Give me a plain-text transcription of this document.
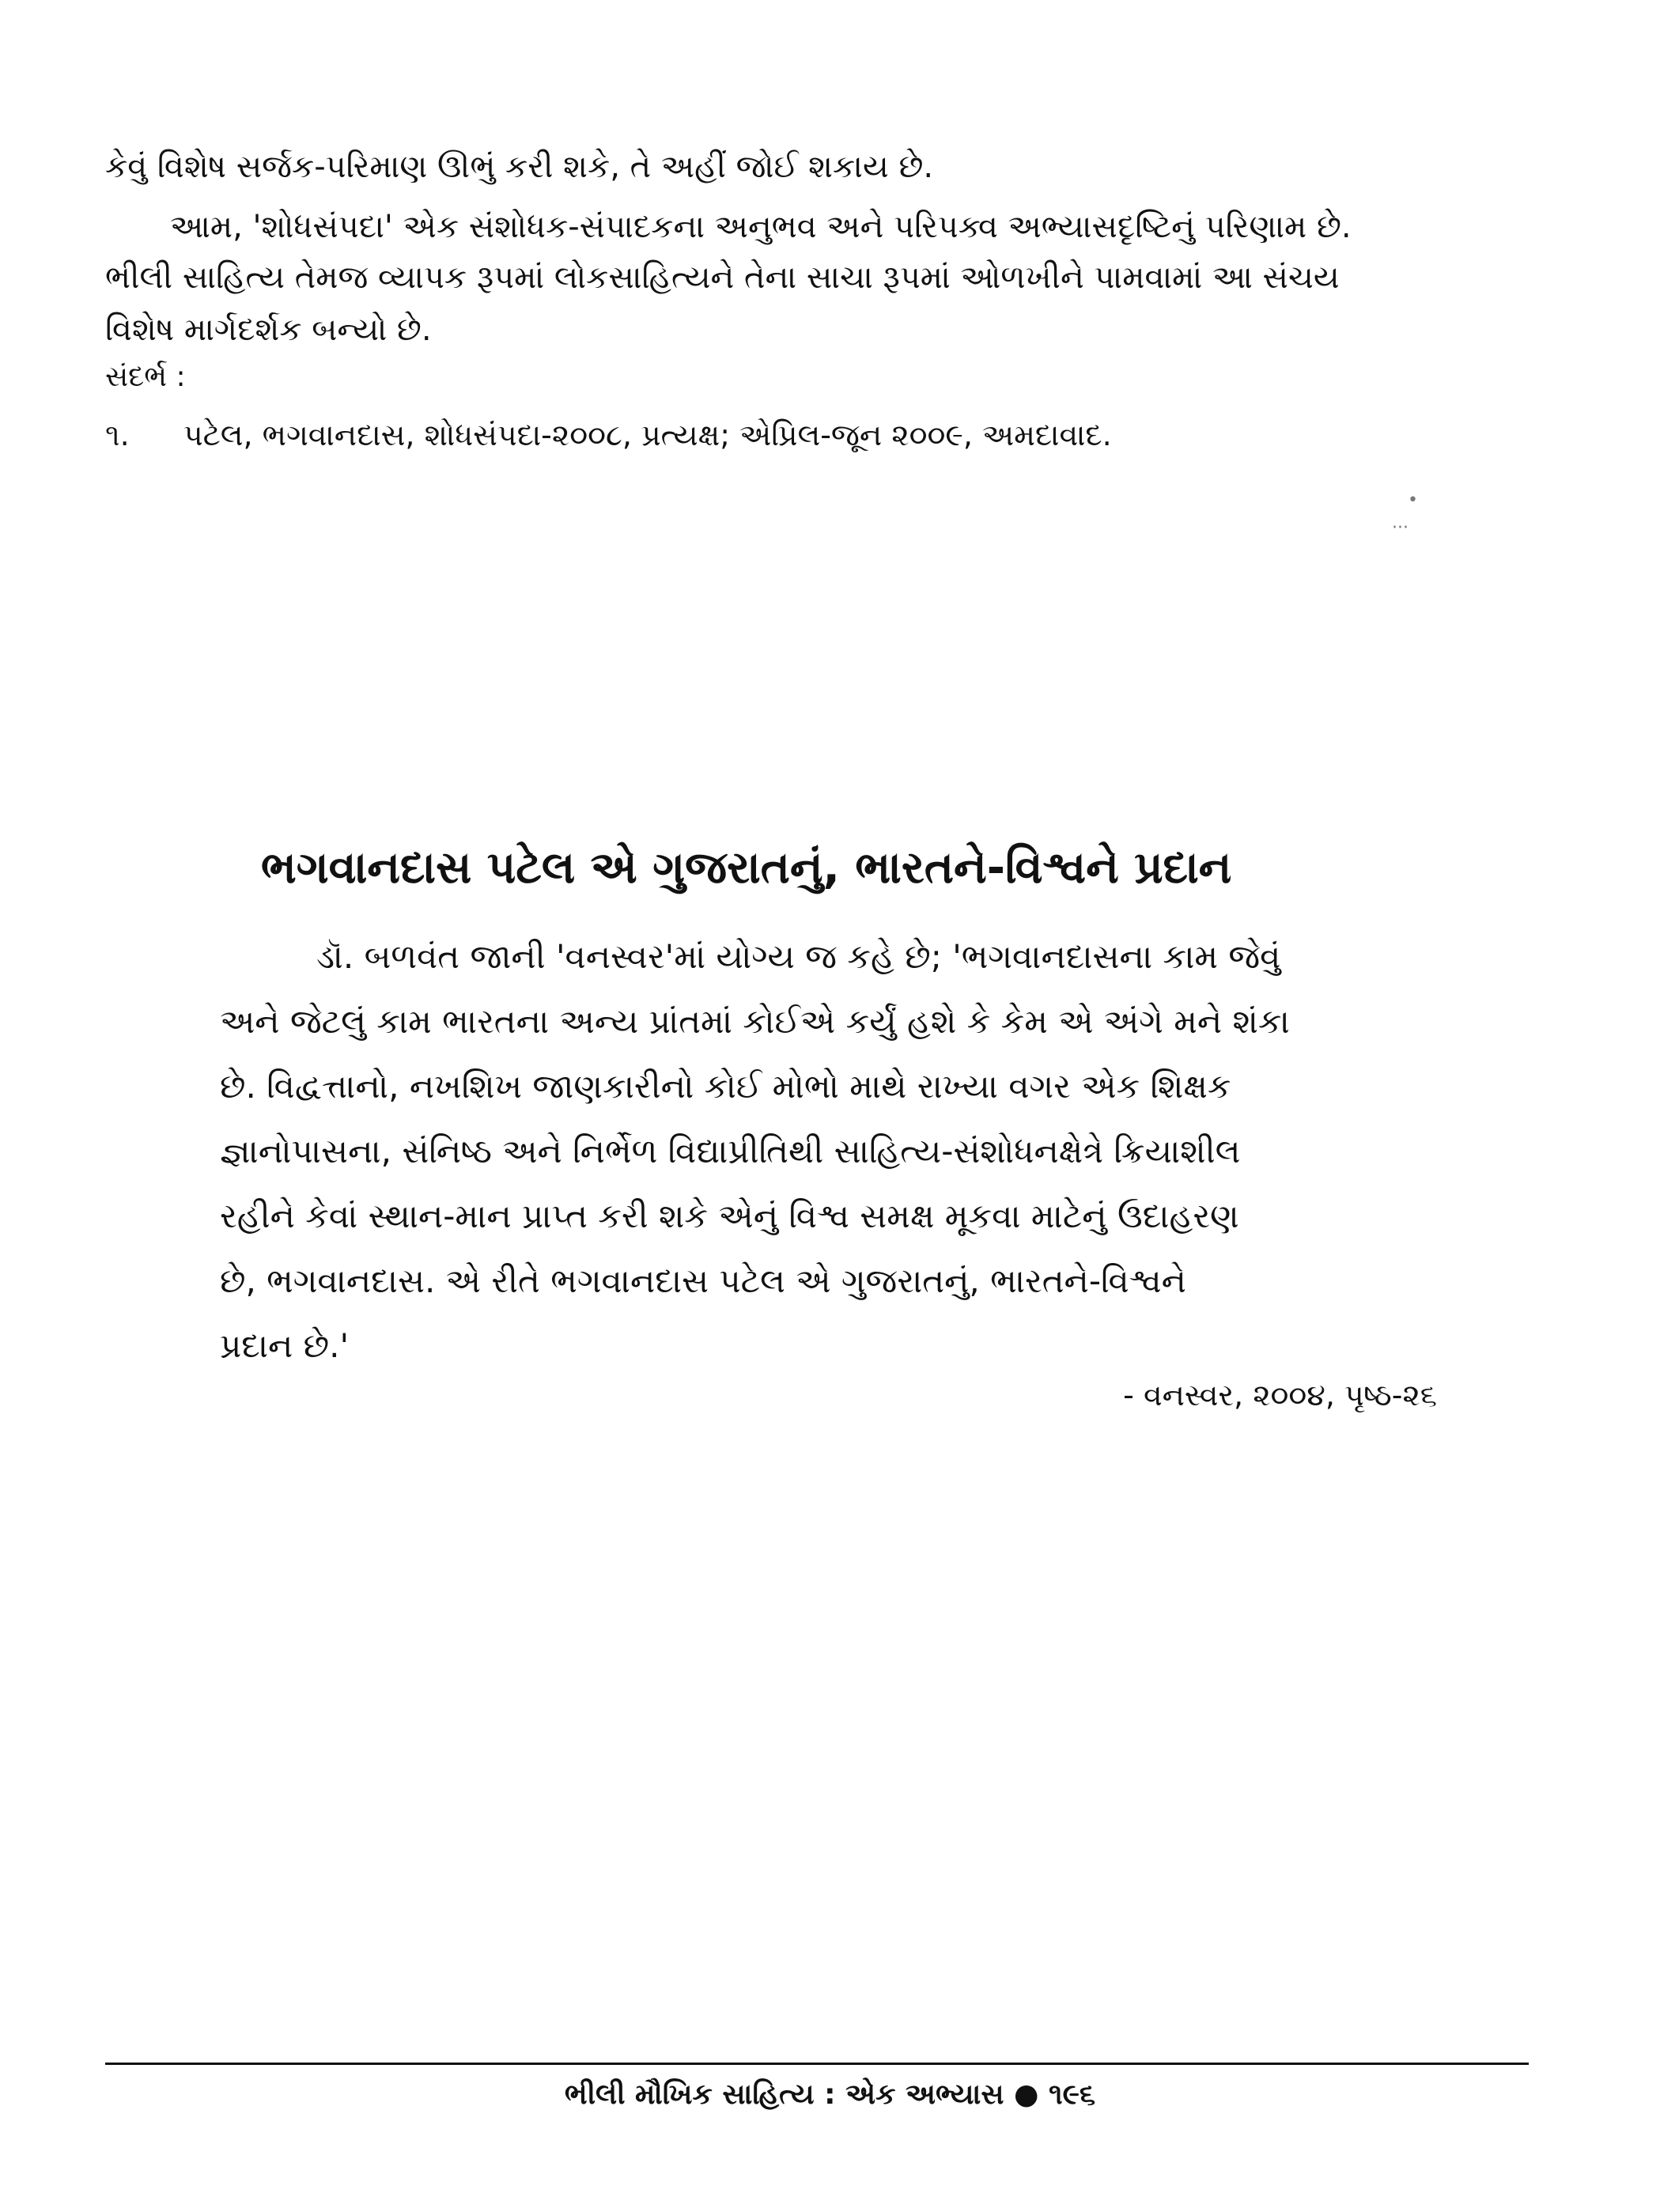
કેવું વિશેષ સર્જક-પરિમાણ ઊભું કરી શકે, તે અહીં જોઈ શકાય છે.
આમ, 'શોધસંપદા' એક સંશોધક-સંપાદકના અનુભવ અને પરિપક્વ અભ્યાસદૃષ્ટિનું પરિણામ છે.
ભીલી સાહિત્ય તેમજ વ્યાપક રૂપમાં લોકસાહિત્યને તેના સાચા રૂપમાં ઓળખીને પામવામાં આ સંચય
વિશેષ માર્ગદર્શક બન્યો છે.
સંદર્ભ :
૧. પટેલ, ભગવાનદાસ, શોધસંપદા-૨૦૦૮, પ્રત્યક્ષ; એપ્રિલ-જૂન ૨૦૦૯, અમદાવાદ.
•
···
ભગવાનદાસ પટેલ એ ગુજરાતનું, ભારતને-વિશ્વને પ્રદાન
ડૉ. બળવંત જાની 'વનસ્વર'માં યોગ્ય જ કહે છે; 'ભગવાનદાસના કામ જેવું
અને જેટલું કામ ભારતના અન્ય પ્રાંતમાં કોઈએ કર્યું હશે કે કેમ એ અંગે મને શંકા
છે. વિદ્વત્તાનો, નખશિખ જાણકારીનો કોઈ મોભો માથે રાખ્યા વગર એક શિક્ષક
જ્ઞાનોપાસના, સંનિષ્ઠ અને નિર્ભેળ વિદ્યાપ્રીતિથી સાહિત્ય-સંશોધનક્ષેત્રે ક્રિયાશીલ
રહીને કેવાં સ્થાન-માન પ્રાપ્ત કરી શકે એનું વિશ્વ સમક્ષ મૂકવા માટેનું ઉદાહરણ
છે, ભગવાનદાસ. એ રીતે ભગવાનદાસ પટેલ એ ગુજરાતનું, ભારતને-વિશ્વને
પ્રદાન છે.'
- વનસ્વર, ૨૦૦૪, પૃષ્ઠ-૨૬
ભીલી મૌખિક સાહિત્ય : એક અભ્યાસ ● ૧૯૬
